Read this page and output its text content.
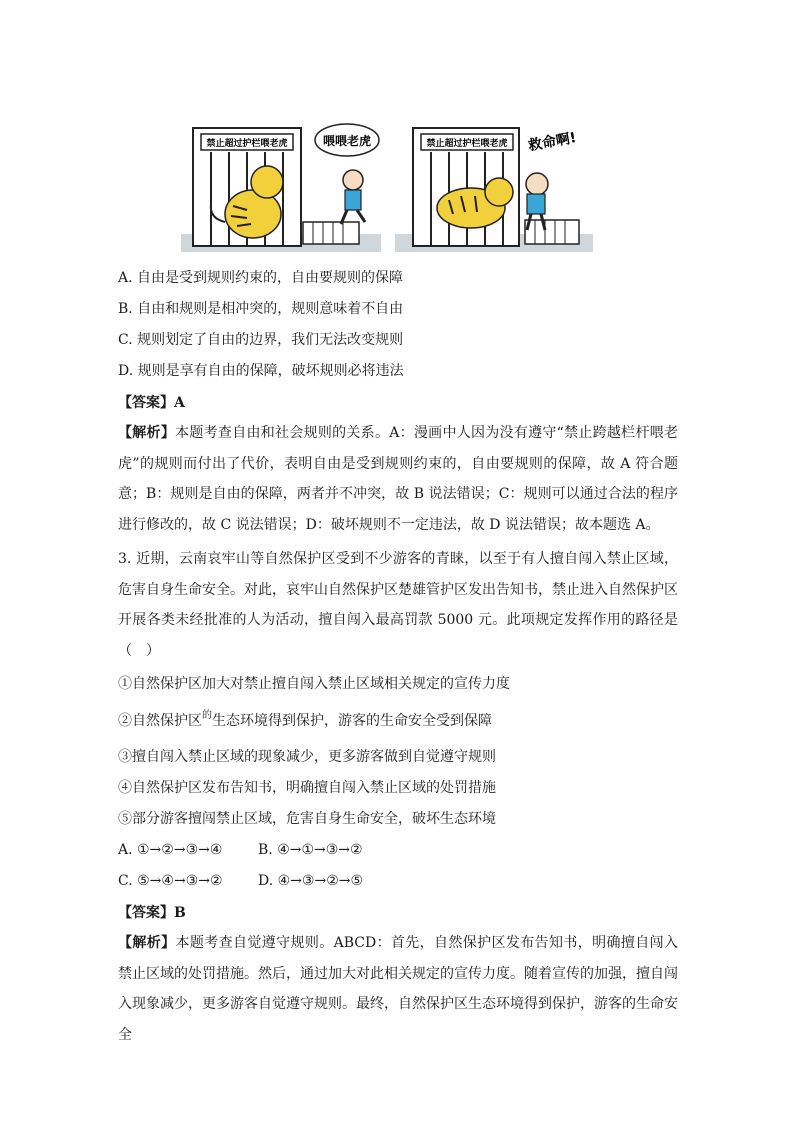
禁止超过护栏喂老虎	喂喂老虎	禁止超过护栏喂老虎 救命啊!
A. 自由是受到规则约束的，自由要规则的保障
B. 自由和规则是相冲突的，规则意味着不自由
C. 规则划定了自由的边界，我们无法改变规则
D. 规则是享有自由的保障，破坏规则必将违法
【答案】A
【解析】本题考查自由和社会规则的关系。A：漫画中人因为没有遵守“禁止跨越栏杆喂老虎”的规则而付出了代价，表明自由是受到规则约束的，自由要规则的保障，故 A 符合题意；B：规则是自由的保障，两者并不冲突，故 B 说法错误；C：规则可以通过合法的程序进行修改的，故 C 说法错误；D：破坏规则不一定违法，故 D 说法错误；故本题选 A。
3. 近期，云南哀牢山等自然保护区受到不少游客的青睐，以至于有人擅自闯入禁止区域，危害自身生命安全。对此，哀牢山自然保护区楚雄管护区发出告知书，禁止进入自然保护区开展各类未经批准的人为活动，擅自闯入最高罚款 5000 元。此项规定发挥作用的路径是（　）
①自然保护区加大对禁止擅自闯入禁止区域相关规定的宣传力度
②自然保护区$^的$生态环境得到保护，游客的生命安全受到保障
③擅自闯入禁止区域的现象减少，更多游客做到自觉遵守规则
④自然保护区发布告知书，明确擅自闯入禁止区域的处罚措施
⑤部分游客擅闯禁止区域，危害自身生命安全，破坏生态环境
A. ①→②→③→④	B. ④→①→③→②
C. ⑤→④→③→②	D. ④→③→②→⑤
【答案】B
【解析】本题考查自觉遵守规则。ABCD：首先，自然保护区发布告知书，明确擅自闯入禁止区域的处罚措施。然后，通过加大对此相关规定的宣传力度。随着宣传的加强，擅自闯入现象减少，更多游客自觉遵守规则。最终，自然保护区生态环境得到保护，游客的生命安全
